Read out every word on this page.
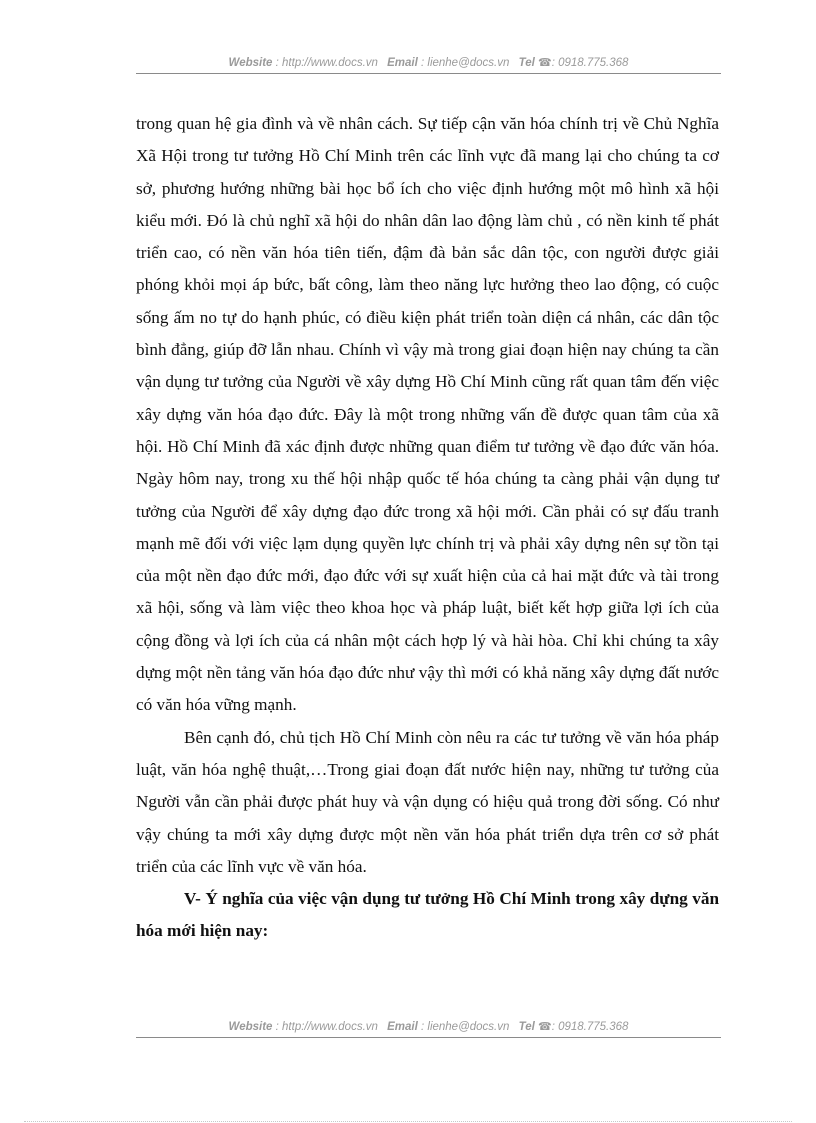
Website : http://www.docs.vn Email : lienhe@docs.vn Tel ☎: 0918.775.368

trong quan hệ gia đình và về nhân cách. Sự tiếp cận văn hóa chính trị về Chủ Nghĩa Xã Hội trong tư tưởng Hồ Chí Minh trên các lĩnh vực đã mang lại cho chúng ta cơ sở, phương hướng những bài học bổ ích cho việc định hướng một mô hình xã hội kiểu mới. Đó là chủ nghĩ xã hội do nhân dân lao động làm chủ , có nền kinh tế phát triển cao, có nền văn hóa tiên tiến, đậm đà bản sắc dân tộc, con người được giải phóng khỏi mọi áp bức, bất công, làm theo năng lực hưởng theo lao động, có cuộc sống ấm no tự do hạnh phúc, có điều kiện phát triển toàn diện cá nhân, các dân tộc bình đẳng, giúp đỡ lẫn nhau. Chính vì vậy mà trong giai đoạn hiện nay chúng ta cần vận dụng tư tưởng của Người về xây dựng Hồ Chí Minh cũng rất quan tâm đến việc xây dựng văn hóa đạo đức. Đây là một trong những vấn đề được quan tâm của xã hội. Hồ Chí Minh đã xác định được những quan điểm tư tưởng về đạo đức văn hóa. Ngày hôm nay, trong xu thế hội nhập quốc tế hóa chúng ta càng phải vận dụng tư tưởng của Người để xây dựng đạo đức trong xã hội mới. Cần phải có sự đấu tranh mạnh mẽ đối với việc lạm dụng quyền lực chính trị và phải xây dựng nên sự tồn tại của một nền đạo đức mới, đạo đức với sự xuất hiện của cả hai mặt đức và tài trong xã hội, sống và làm việc theo khoa học và pháp luật, biết kết hợp giữa lợi ích của cộng đồng và lợi ích của cá nhân một cách hợp lý và hài hòa. Chỉ khi chúng ta xây dựng một nền tảng văn hóa đạo đức như vậy thì mới có khả năng xây dựng đất nước có văn hóa vững mạnh.

Bên cạnh đó, chủ tịch Hồ Chí Minh còn nêu ra các tư tưởng về văn hóa pháp luật, văn hóa nghệ thuật,…Trong giai đoạn đất nước hiện nay, những tư tưởng của Người vẫn cần phải được phát huy và vận dụng có hiệu quả trong đời sống. Có như vậy chúng ta mới xây dựng được một nền văn hóa phát triển dựa trên cơ sở phát triển của các lĩnh vực về văn hóa.

V- Ý nghĩa của việc vận dụng tư tưởng Hồ Chí Minh trong xây dựng văn hóa mới hiện nay:

Website : http://www.docs.vn Email : lienhe@docs.vn Tel ☎: 0918.775.368
